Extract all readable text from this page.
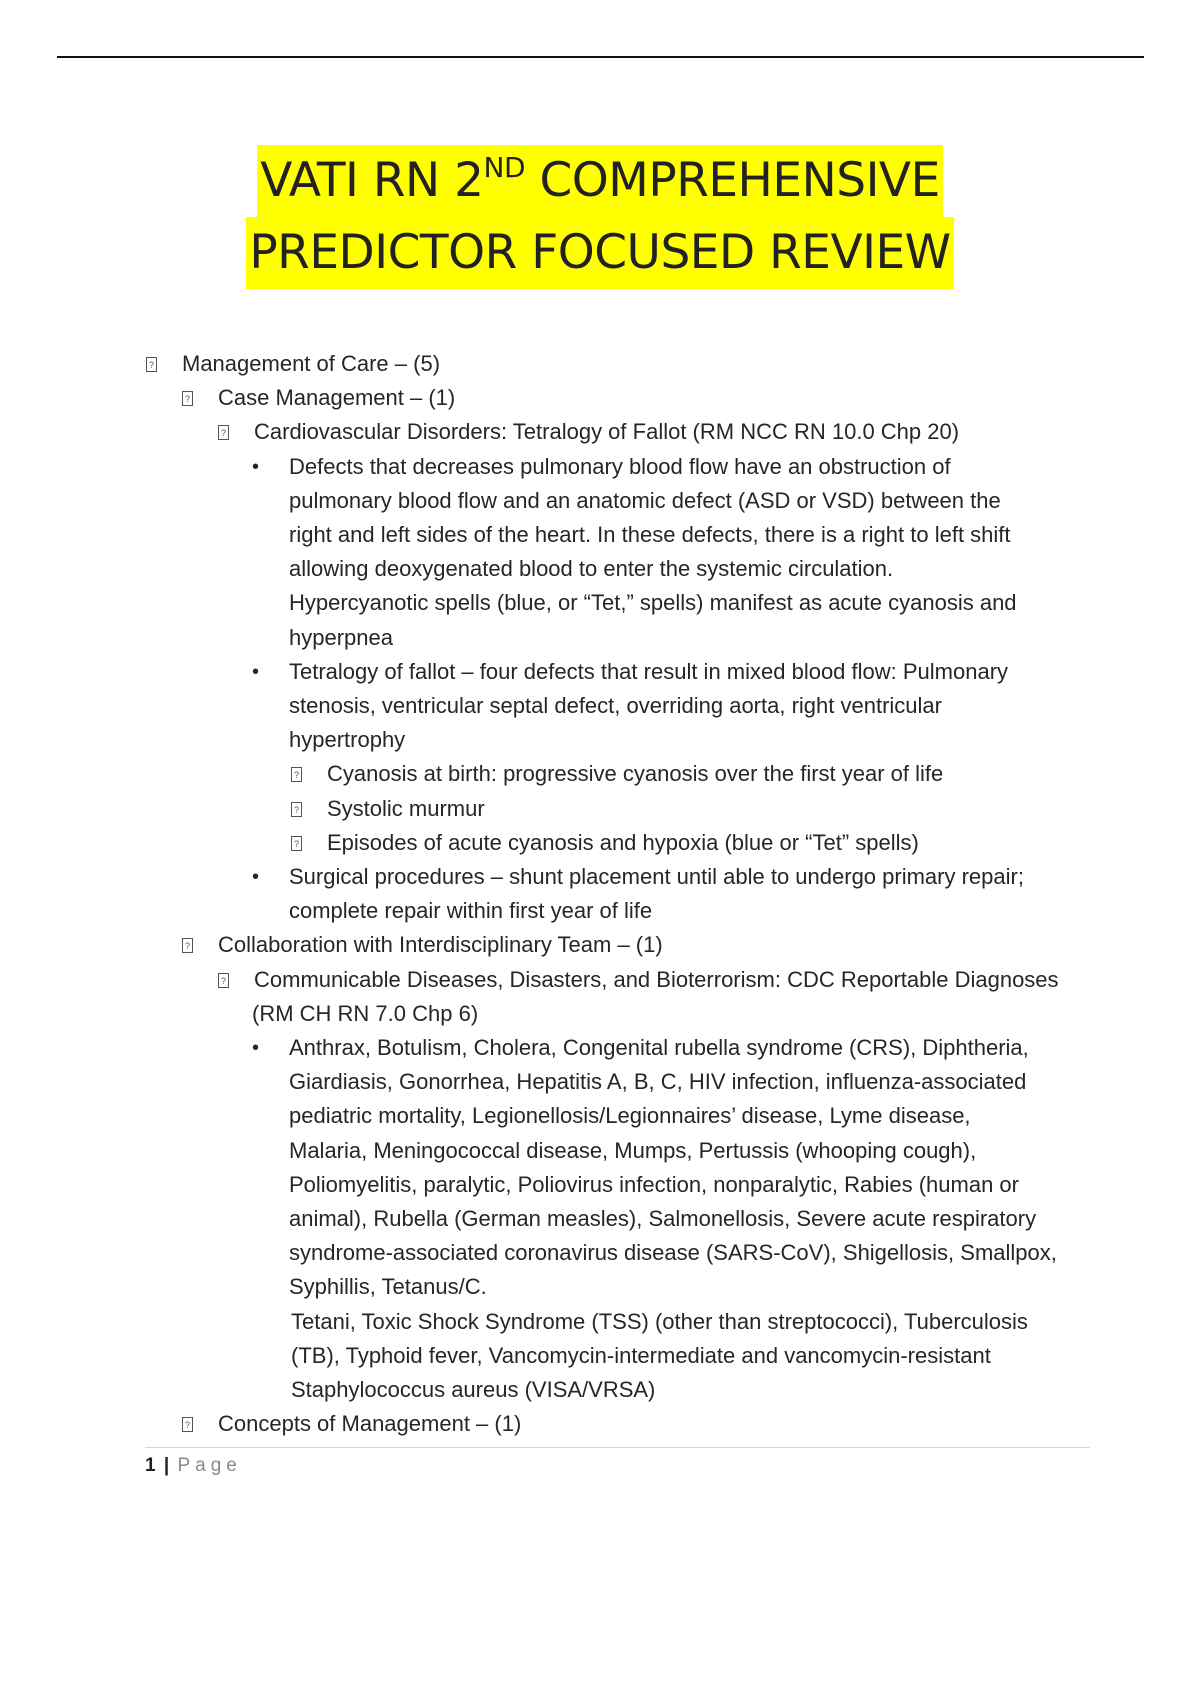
VATI RN 2ND COMPREHENSIVE
PREDICTOR FOCUSED REVIEW
? Management of Care – (5)
? Case Management – (1)
? Cardiovascular Disorders: Tetralogy of Fallot (RM NCC RN 10.0 Chp 20)
• Defects that decreases pulmonary blood flow have an obstruction of
pulmonary blood flow and an anatomic defect (ASD or VSD) between the
right and left sides of the heart. In these defects, there is a right to left shift
allowing deoxygenated blood to enter the systemic circulation.
Hypercyanotic spells (blue, or “Tet,” spells) manifest as acute cyanosis and
hyperpnea
• Tetralogy of fallot – four defects that result in mixed blood flow: Pulmonary
stenosis, ventricular septal defect, overriding aorta, right ventricular
hypertrophy
? Cyanosis at birth: progressive cyanosis over the first year of life
? Systolic murmur
? Episodes of acute cyanosis and hypoxia (blue or “Tet” spells)
• Surgical procedures – shunt placement until able to undergo primary repair;
complete repair within first year of life
? Collaboration with Interdisciplinary Team – (1)
? Communicable Diseases, Disasters, and Bioterrorism: CDC Reportable Diagnoses
(RM CH RN 7.0 Chp 6)
• Anthrax, Botulism, Cholera, Congenital rubella syndrome (CRS), Diphtheria,
Giardiasis, Gonorrhea, Hepatitis A, B, C, HIV infection, influenza-associated
pediatric mortality, Legionellosis/Legionnaires’ disease, Lyme disease,
Malaria, Meningococcal disease, Mumps, Pertussis (whooping cough),
Poliomyelitis, paralytic, Poliovirus infection, nonparalytic, Rabies (human or
animal), Rubella (German measles), Salmonellosis, Severe acute respiratory
syndrome-associated coronavirus disease (SARS-CoV), Shigellosis, Smallpox,
Syphillis, Tetanus/C.
Tetani, Toxic Shock Syndrome (TSS) (other than streptococci), Tuberculosis
(TB), Typhoid fever, Vancomycin-intermediate and vancomycin-resistant
Staphylococcus aureus (VISA/VRSA)
? Concepts of Management – (1)
1 | Page
